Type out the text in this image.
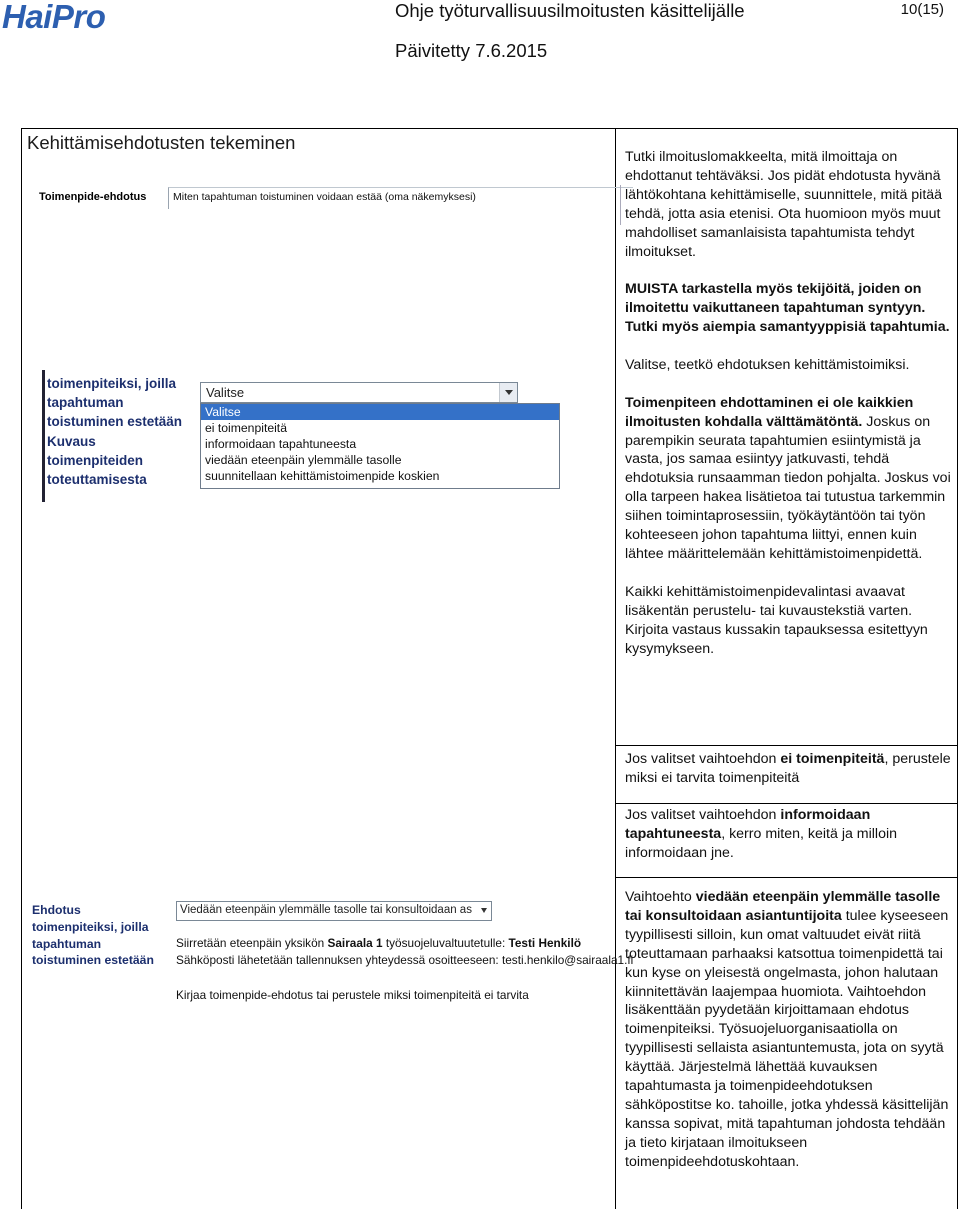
HaiPro	Ohje työturvallisuusilmoitusten käsittelijälle	10(15)
Päivitetty 7.6.2015
Kehittämisehdotusten tekeminen
Toimenpide-ehdotus	Miten tapahtuman toistuminen voidaan estää (oma näkemyksesi)
toimenpiteiksi, joilla
tapahtuman
toistuminen estetään
Kuvaus
toimenpiteiden
toteuttamisesta
Valitse
Valitse
ei toimenpiteitä
informoidaan tapahtuneesta
viedään eteenpäin ylemmälle tasolle
suunnitellaan kehittämistoimenpide koskien
Ehdotus
toimenpiteiksi, joilla
tapahtuman
toistuminen estetään
Viedään eteenpäin ylemmälle tasolle tai konsultoidaan as
Siirretään eteenpäin yksikön Sairaala 1 työsuojeluvaltuutetulle: Testi Henkilö
Sähköposti lähetetään tallennuksen yhteydessä osoitteeseen: testi.henkilo@sairaala1.fi
Kirjaa toimenpide-ehdotus tai perustele miksi toimenpiteitä ei tarvita

Tutki ilmoituslomakkeelta, mitä ilmoittaja on ehdottanut tehtäväksi. Jos pidät ehdotusta hyvänä lähtökohtana kehittämiselle, suunnittele, mitä pitää tehdä, jotta asia etenisi. Ota huomioon myös muut mahdolliset samanlaisista tapahtumista tehdyt ilmoitukset.

MUISTA tarkastella myös tekijöitä, joiden on ilmoitettu vaikuttaneen tapahtuman syntyyn. Tutki myös aiempia samantyyppisiä tapahtumia.

Valitse, teetkö ehdotuksen kehittämistoimiksi.

Toimenpiteen ehdottaminen ei ole kaikkien ilmoitusten kohdalla välttämätöntä. Joskus on parempikin seurata tapahtumien esiintymistä ja vasta, jos samaa esiintyy jatkuvasti, tehdä ehdotuksia runsaamman tiedon pohjalta. Joskus voi olla tarpeen hakea lisätietoa tai tutustua tarkemmin siihen toimintaprosessiin, työkäytäntöön tai työn kohteeseen johon tapahtuma liittyi, ennen kuin lähtee määrittelemään kehittämistoimenpidettä.

Kaikki kehittämistoimenpidevalintasi avaavat lisäkentän perustelu- tai kuvaustekstiä varten. Kirjoita vastaus kussakin tapauksessa esitettyyn kysymykseen.

Jos valitset vaihtoehdon ei toimenpiteitä, perustele miksi ei tarvita toimenpiteitä

Jos valitset vaihtoehdon informoidaan tapahtuneesta, kerro miten, keitä ja milloin informoidaan jne.

Vaihtoehto viedään eteenpäin ylemmälle tasolle tai konsultoidaan asiantuntijoita tulee kyseeseen tyypillisesti silloin, kun omat valtuudet eivät riitä toteuttamaan parhaaksi katsottua toimenpidettä tai kun kyse on yleisestä ongelmasta, johon halutaan kiinnitettävän laajempaa huomiota. Vaihtoehdon lisäkenttään pyydetään kirjoittamaan ehdotus toimenpiteiksi. Työsuojeluorganisaatiolla on tyypillisesti sellaista asiantuntemusta, jota on syytä käyttää. Järjestelmä lähettää kuvauksen tapahtumasta ja toimenpideehdotuksen sähköpostitse ko. tahoille, jotka yhdessä käsittelijän kanssa sopivat, mitä tapahtuman johdosta tehdään ja tieto kirjataan ilmoitukseen toimenpideehdotuskohtaan.
